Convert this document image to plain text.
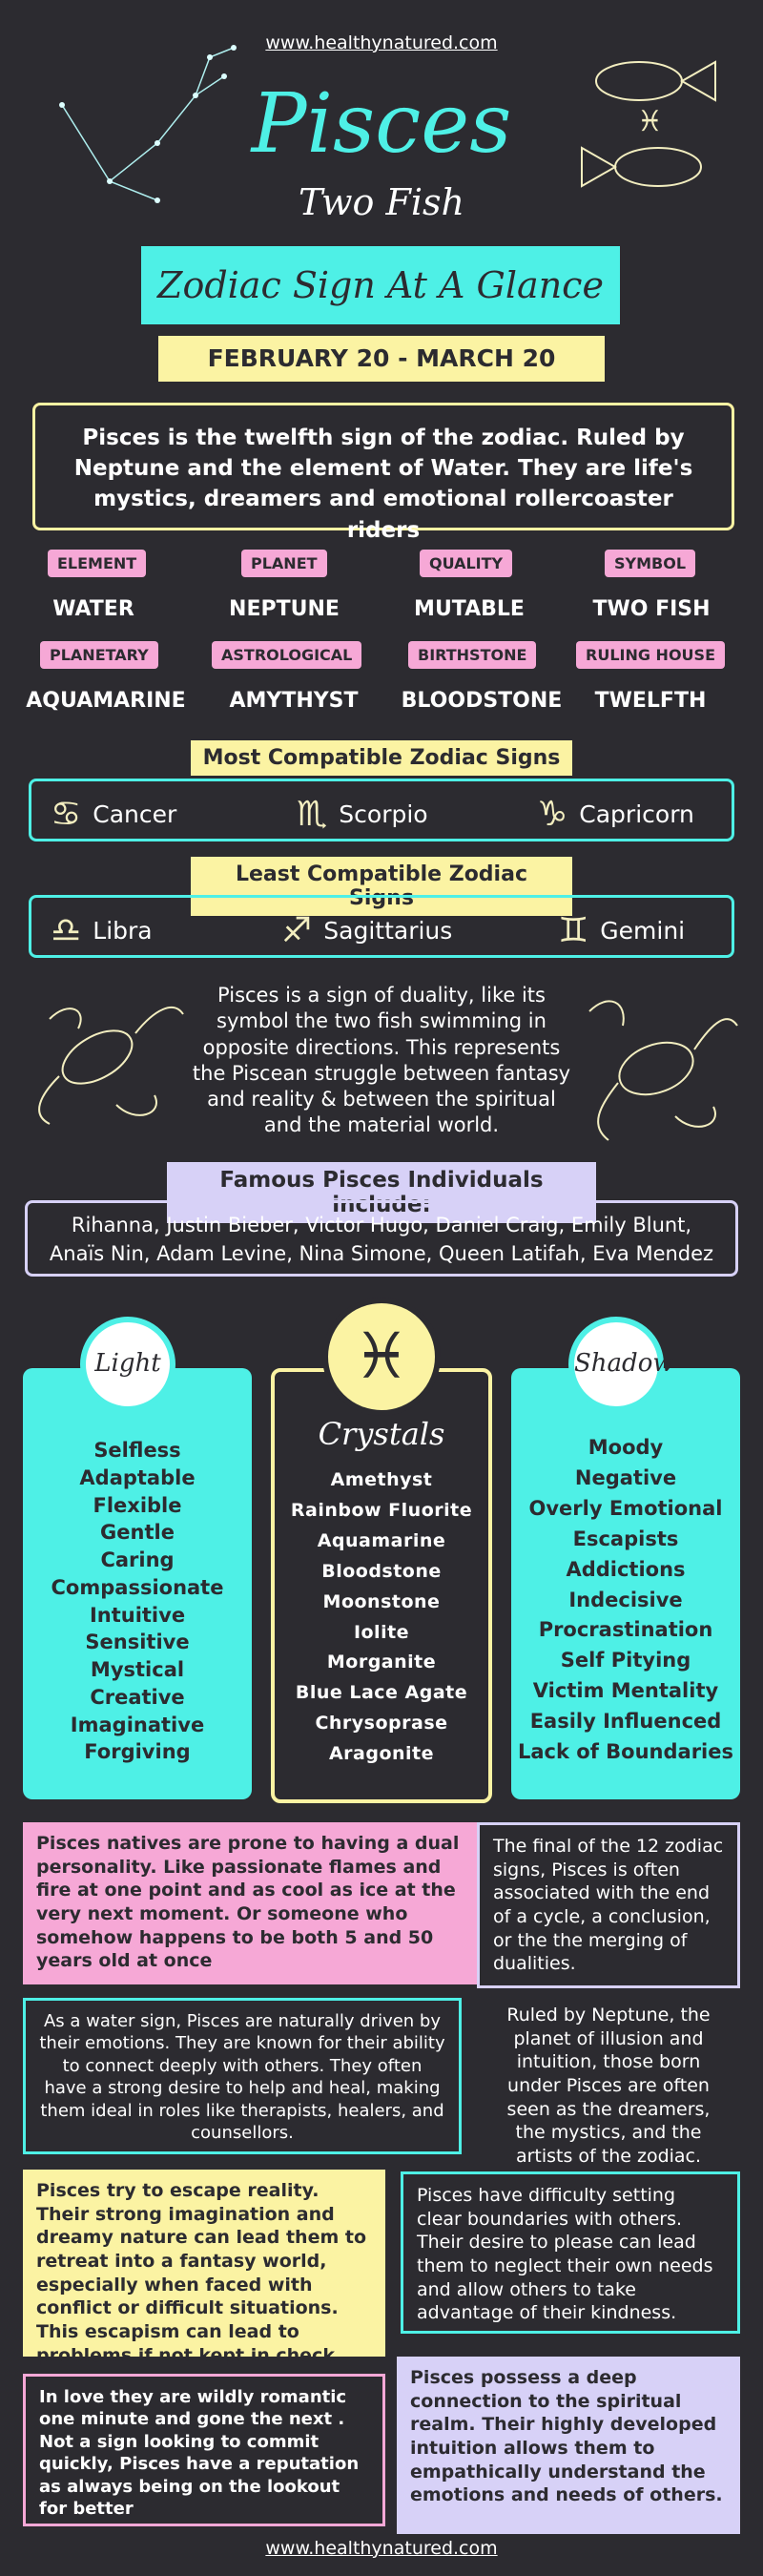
www.healthynatured.com
♓
Pisces
Two Fish
Zodiac Sign At A Glance
FEBRUARY 20 - MARCH 20
Pisces is the twelfth sign of the zodiac. Ruled by Neptune and the element of Water. They are life's mystics, dreamers and emotional rollercoaster riders
ELEMENT
WATER
PLANET
NEPTUNE
QUALITY
MUTABLE
SYMBOL
TWO FISH
PLANETARY
AQUAMARINE
ASTROLOGICAL
AMYTHYST
BIRTHSTONE
BLOODSTONE
RULING HOUSE
TWELFTH
Most Compatible Zodiac Signs
♋ Cancer	♏ Scorpio	♑ Capricorn
Least Compatible Zodiac Signs
♎ Libra	♐ Sagittarius	♊ Gemini
Pisces is a sign of duality, like its symbol the two fish swimming in opposite directions. This represents the Piscean struggle between fantasy and reality & between the spiritual and the material world.
Famous Pisces Individuals include:
Rihanna, Justin Bieber, Victor Hugo, Daniel Craig, Emily Blunt,
Anaïs Nin, Adam Levine, Nina Simone, Queen Latifah, Eva Mendez
Light
Selfless
Adaptable
Flexible
Gentle
Caring
Compassionate
Intuitive
Sensitive
Mystical
Creative
Imaginative
Forgiving
♓
Crystals
Amethyst
Rainbow Fluorite
Aquamarine
Bloodstone
Moonstone
Iolite
Morganite
Blue Lace Agate
Chrysoprase
Aragonite
Shadow
Moody
Negative
Overly Emotional
Escapists
Addictions
Indecisive
Procrastination
Self Pitying
Victim Mentality
Easily Influenced
Lack of Boundaries
Pisces natives are prone to having a dual personality. Like passionate flames and fire at one point and as cool as ice at the very next moment. Or someone who somehow happens to be both 5 and 50 years old at once
The final of the 12 zodiac signs, Pisces is often associated with the end of a cycle, a conclusion, or the the merging of dualities.
As a water sign, Pisces are naturally driven by their emotions. They are known for their ability to connect deeply with others. They often have a strong desire to help and heal, making them ideal in roles like therapists, healers, and counsellors.
Ruled by Neptune, the planet of illusion and intuition, those born under Pisces are often seen as the dreamers, the mystics, and the artists of the zodiac.
Pisces try to escape reality. Their strong imagination and dreamy nature can lead them to retreat into a fantasy world, especially when faced with conflict or difficult situations. This escapism can lead to problems if not kept in check
Pisces have difficulty setting clear boundaries with others. Their desire to please can lead them to neglect their own needs and allow others to take advantage of their kindness.
In love they are wildly romantic one minute and gone the next . Not a sign looking to commit quickly, Pisces have a reputation as always being on the lookout for better
Pisces possess a deep connection to the spiritual realm. Their highly developed intuition allows them to empathically understand the emotions and needs of others.
www.healthynatured.com
